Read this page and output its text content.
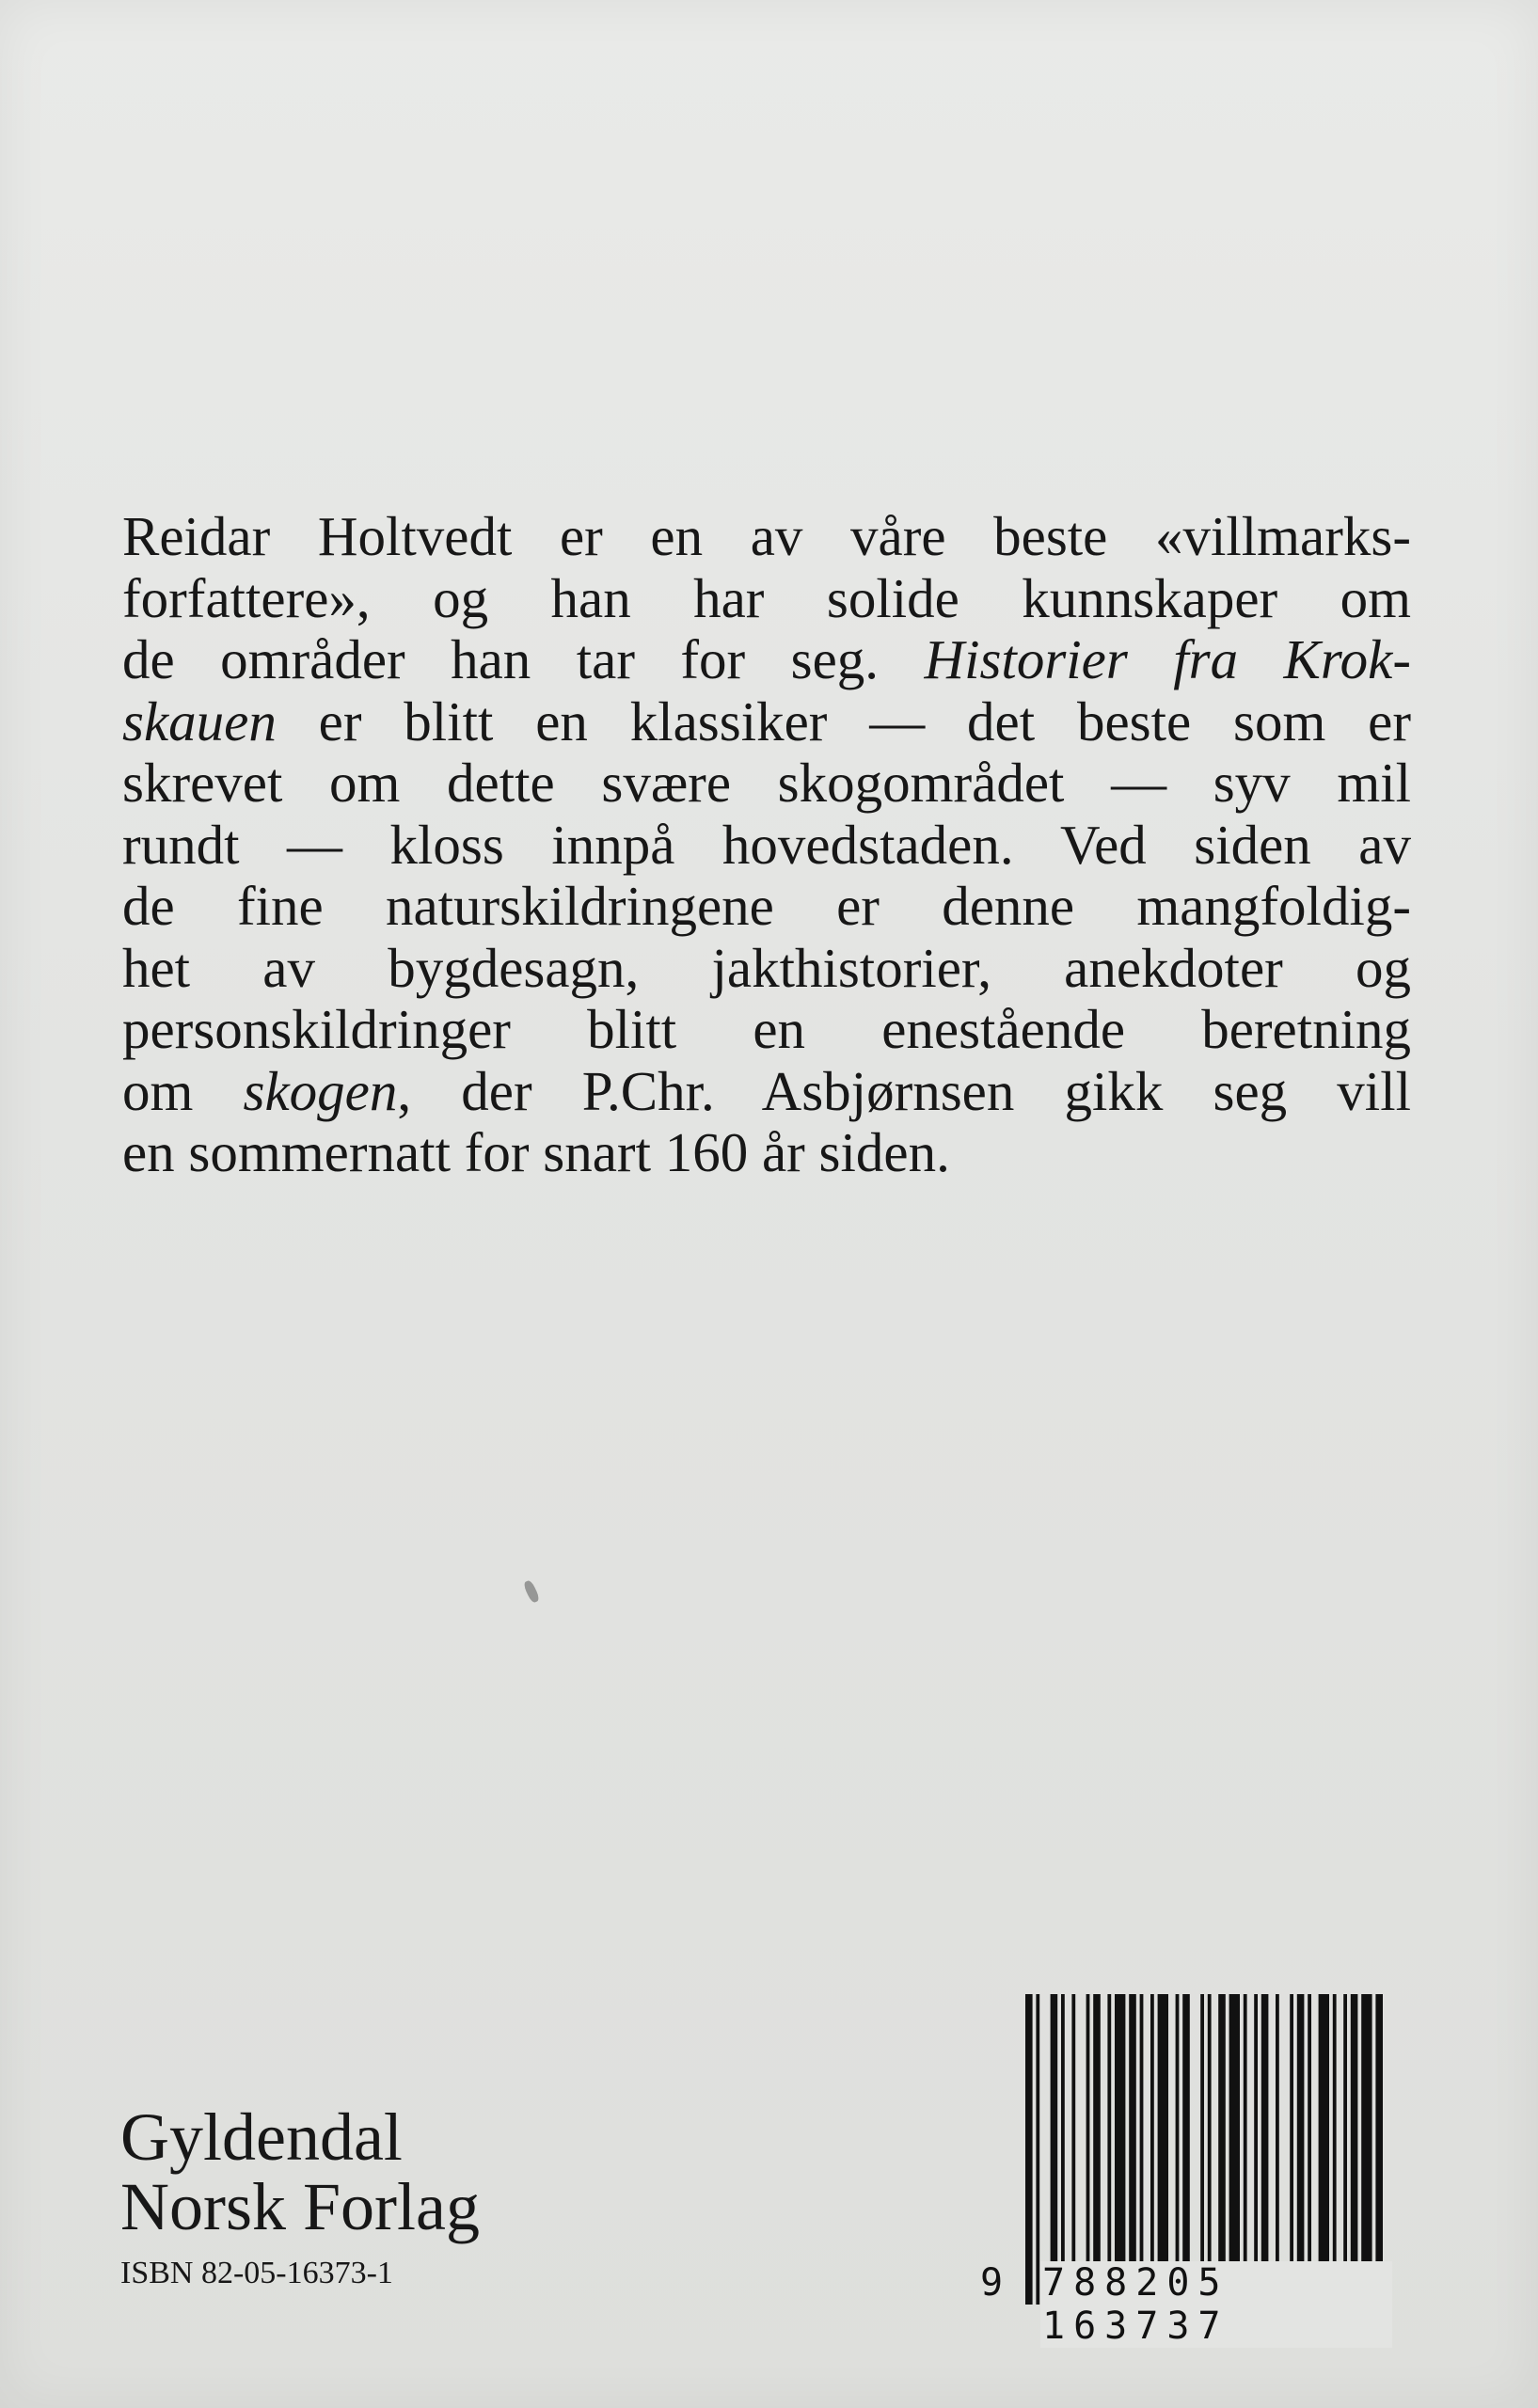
Reidar Holtvedt er en av våre beste «villmarks-
forfattere», og han har solide kunnskaper om
de områder han tar for seg. Historier fra Krok-
skauen er blitt en klassiker — det beste som er
skrevet om dette svære skogområdet — syv mil
rundt — kloss innpå hovedstaden. Ved siden av
de fine naturskildringene er denne mangfoldig-
het av bygdesagn, jakthistorier, anekdoter og
personskildringer blitt en enestående beretning
om skogen, der P.Chr. Asbjørnsen gikk seg vill
en sommernatt for snart 160 år siden.

Gyldendal
Norsk Forlag
ISBN 82-05-16373-1	9 788205 163737
